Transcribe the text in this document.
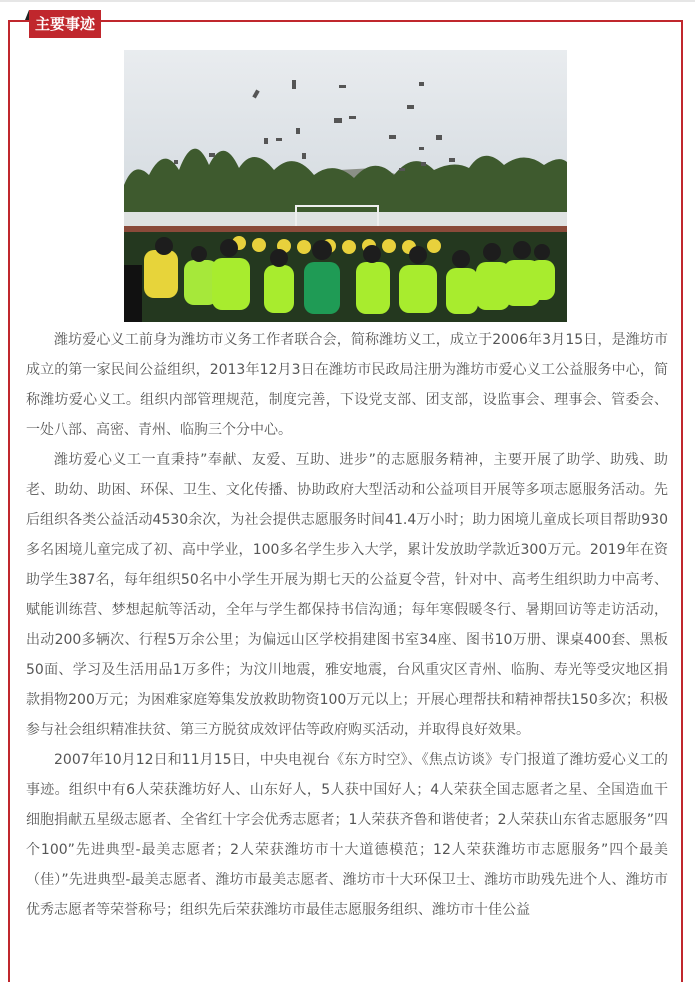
主要事迹

潍坊爱心义工前身为潍坊市义务工作者联合会，简称潍坊义工，成立于2006年3月15日，是潍坊市成立的第一家民间公益组织，2013年12月3日在潍坊市民政局注册为潍坊市爱心义工公益服务中心，简称潍坊爱心义工。组织内部管理规范，制度完善，下设党支部、团支部，设监事会、理事会、管委会、一处八部、高密、青州、临朐三个分中心。

潍坊爱心义工一直秉持”奉献、友爱、互助、进步”的志愿服务精神，主要开展了助学、助残、助老、助幼、助困、环保、卫生、文化传播、协助政府大型活动和公益项目开展等多项志愿服务活动。先后组织各类公益活动4530余次，为社会提供志愿服务时间41.4万小时；助力困境儿童成长项目帮助930多名困境儿童完成了初、高中学业，100多名学生步入大学，累计发放助学款近300万元。2019年在资助学生387名，每年组织50名中小学生开展为期七天的公益夏令营，针对中、高考生组织助力中高考、赋能训练营、梦想起航等活动，全年与学生都保持书信沟通；每年寒假暖冬行、暑期回访等走访活动，出动200多辆次、行程5万余公里；为偏远山区学校捐建图书室34座、图书10万册、课桌400套、黑板50面、学习及生活用品1万多件；为汶川地震，雅安地震，台风重灾区青州、临朐、寿光等受灾地区捐款捐物200万元；为困难家庭筹集发放救助物资100万元以上；开展心理帮扶和精神帮扶150多次；积极参与社会组织精准扶贫、第三方脱贫成效评估等政府购买活动，并取得良好效果。

2007年10月12日和11月15日，中央电视台《东方时空》、《焦点访谈》专门报道了潍坊爱心义工的事迹。组织中有6人荣获潍坊好人、山东好人，5人获中国好人；4人荣获全国志愿者之星、全国造血干细胞捐献五星级志愿者、全省红十字会优秀志愿者；1人荣获齐鲁和谐使者；2人荣获山东省志愿服务”四个100”先进典型-最美志愿者；2人荣获潍坊市十大道德模范；12人荣获潍坊市志愿服务”四个最美（佳）”先进典型-最美志愿者、潍坊市最美志愿者、潍坊市十大环保卫士、潍坊市助残先进个人、潍坊市优秀志愿者等荣誉称号；组织先后荣获潍坊市最佳志愿服务组织、潍坊市十佳公益
